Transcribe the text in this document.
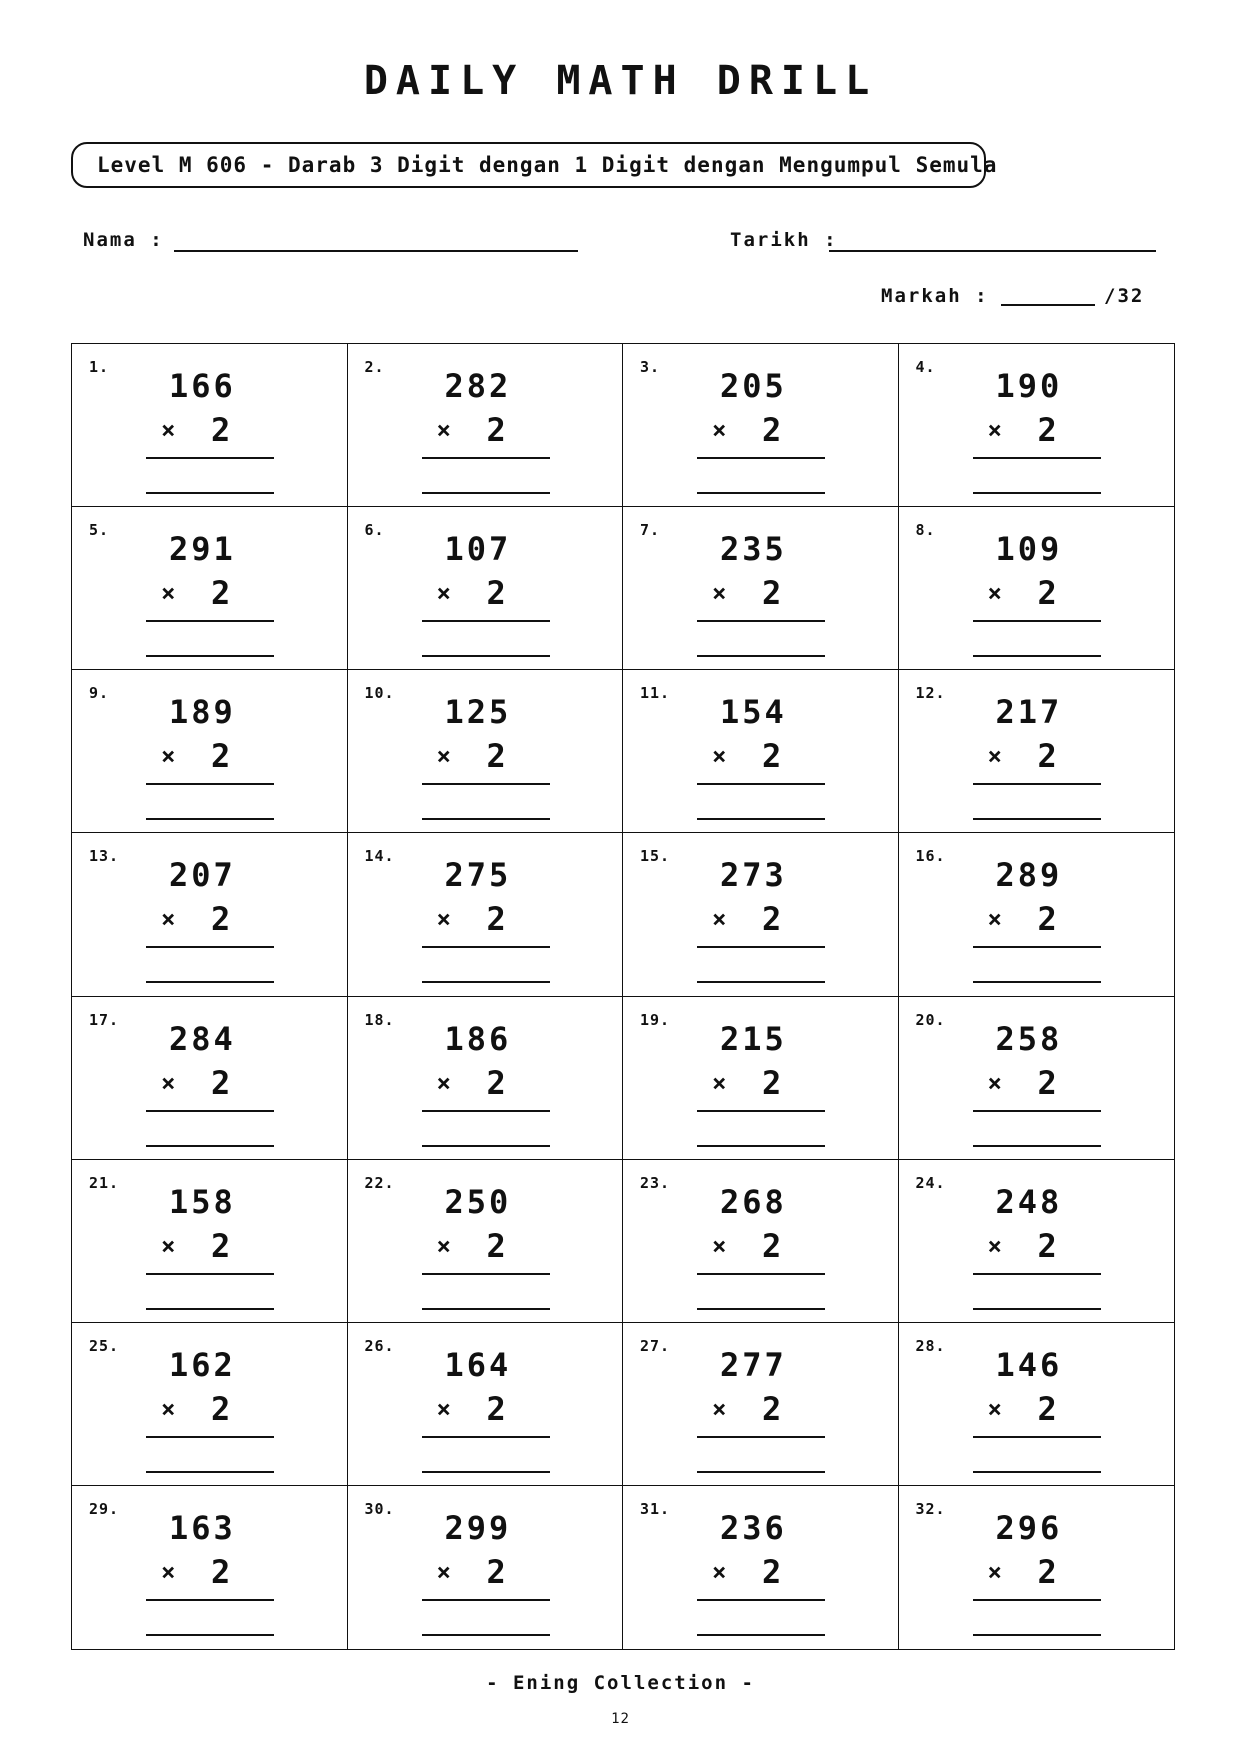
DAILY MATH DRILL
Level M 606 - Darab 3 Digit dengan 1 Digit dengan Mengumpul Semula
Nama :	Tarikh :
Markah :	/32
1. 166
× 2
2. 282
× 2
3. 205
× 2
4. 190
× 2
5. 291
× 2
6. 107
× 2
7. 235
× 2
8. 109
× 2
9. 189
× 2
10. 125
× 2
11. 154
× 2
12. 217
× 2
13. 207
× 2
14. 275
× 2
15. 273
× 2
16. 289
× 2
17. 284
× 2
18. 186
× 2
19. 215
× 2
20. 258
× 2
21. 158
× 2
22. 250
× 2
23. 268
× 2
24. 248
× 2
25. 162
× 2
26. 164
× 2
27. 277
× 2
28. 146
× 2
29. 163
× 2
30. 299
× 2
31. 236
× 2
32. 296
× 2
- Ening Collection -
12
